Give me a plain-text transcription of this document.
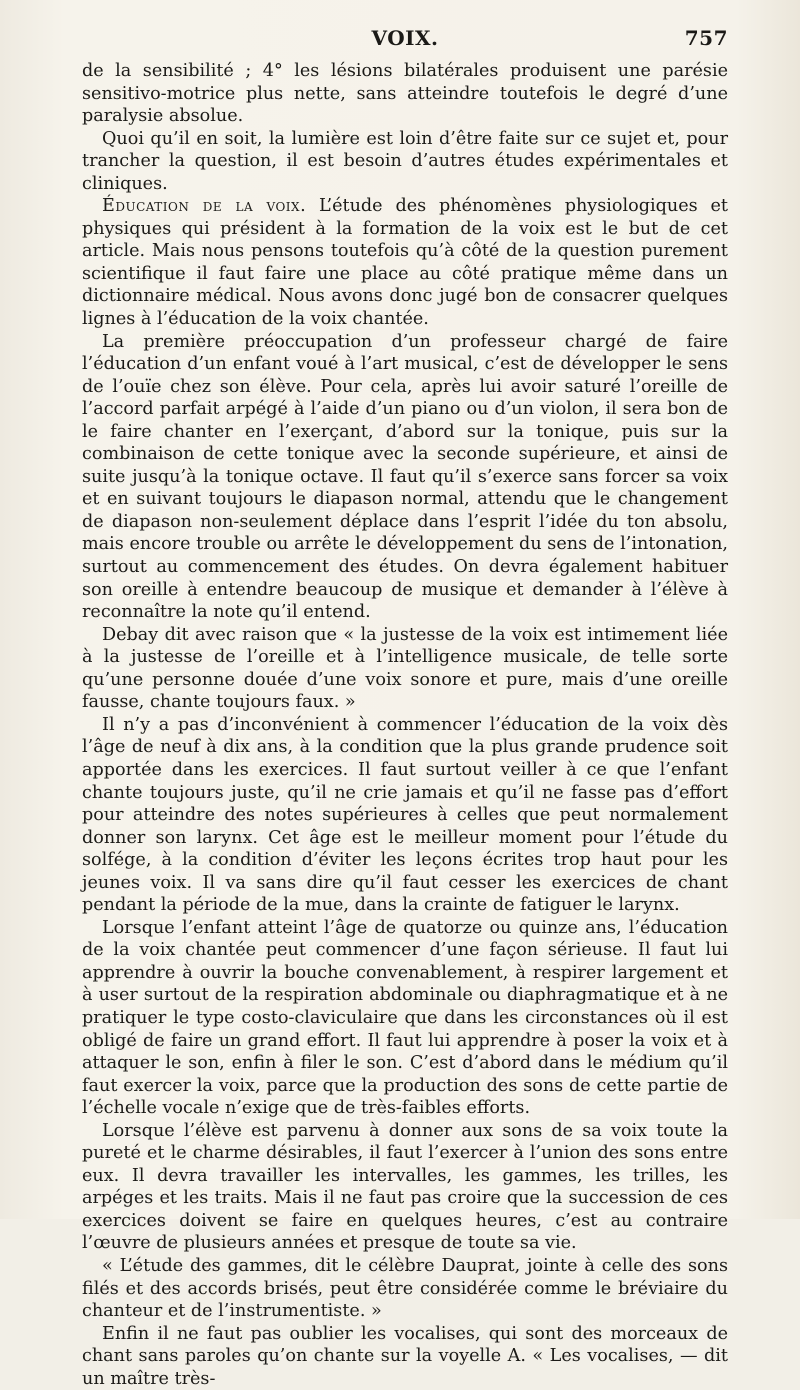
VOIX.	757

de la sensibilité ; 4° les lésions bilatérales produisent une parésie sensitivo-motrice plus nette, sans atteindre toutefois le degré d’une paralysie absolue.

Quoi qu’il en soit, la lumière est loin d’être faite sur ce sujet et, pour trancher la question, il est besoin d’autres études expérimentales et cliniques.

Éducation de la voix. L’étude des phénomènes physiologiques et physiques qui président à la formation de la voix est le but de cet article. Mais nous pensons toutefois qu’à côté de la question purement scientifique il faut faire une place au côté pratique même dans un dictionnaire médical. Nous avons donc jugé bon de consacrer quelques lignes à l’éducation de la voix chantée.

La première préoccupation d’un professeur chargé de faire l’éducation d’un enfant voué à l’art musical, c’est de développer le sens de l’ouïe chez son élève. Pour cela, après lui avoir saturé l’oreille de l’accord parfait arpégé à l’aide d’un piano ou d’un violon, il sera bon de le faire chanter en l’exerçant, d’abord sur la tonique, puis sur la combinaison de cette tonique avec la seconde supérieure, et ainsi de suite jusqu’à la tonique octave. Il faut qu’il s’exerce sans forcer sa voix et en suivant toujours le diapason normal, attendu que le changement de diapason non-seulement déplace dans l’esprit l’idée du ton absolu, mais encore trouble ou arrête le développement du sens de l’intonation, surtout au commencement des études. On devra également habituer son oreille à entendre beaucoup de musique et demander à l’élève à reconnaître la note qu’il entend.

Debay dit avec raison que « la justesse de la voix est intimement liée à la justesse de l’oreille et à l’intelligence musicale, de telle sorte qu’une personne douée d’une voix sonore et pure, mais d’une oreille fausse, chante toujours faux. »

Il n’y a pas d’inconvénient à commencer l’éducation de la voix dès l’âge de neuf à dix ans, à la condition que la plus grande prudence soit apportée dans les exercices. Il faut surtout veiller à ce que l’enfant chante toujours juste, qu’il ne crie jamais et qu’il ne fasse pas d’effort pour atteindre des notes supérieures à celles que peut normalement donner son larynx. Cet âge est le meilleur moment pour l’étude du solfége, à la condition d’éviter les leçons écrites trop haut pour les jeunes voix. Il va sans dire qu’il faut cesser les exercices de chant pendant la période de la mue, dans la crainte de fatiguer le larynx.

Lorsque l’enfant atteint l’âge de quatorze ou quinze ans, l’éducation de la voix chantée peut commencer d’une façon sérieuse. Il faut lui apprendre à ouvrir la bouche convenablement, à respirer largement et à user surtout de la respiration abdominale ou diaphragmatique et à ne pratiquer le type costo-claviculaire que dans les circonstances où il est obligé de faire un grand effort. Il faut lui apprendre à poser la voix et à attaquer le son, enfin à filer le son. C’est d’abord dans le médium qu’il faut exercer la voix, parce que la production des sons de cette partie de l’échelle vocale n’exige que de très-faibles efforts.

Lorsque l’élève est parvenu à donner aux sons de sa voix toute la pureté et le charme désirables, il faut l’exercer à l’union des sons entre eux. Il devra travailler les intervalles, les gammes, les trilles, les arpéges et les traits. Mais il ne faut pas croire que la succession de ces exercices doivent se faire en quelques heures, c’est au contraire l’œuvre de plusieurs années et presque de toute sa vie.

« L’étude des gammes, dit le célèbre Dauprat, jointe à celle des sons filés et des accords brisés, peut être considérée comme le bréviaire du chanteur et de l’instrumentiste. »

Enfin il ne faut pas oublier les vocalises, qui sont des morceaux de chant sans paroles qu’on chante sur la voyelle A. « Les vocalises, — dit un maître très-
